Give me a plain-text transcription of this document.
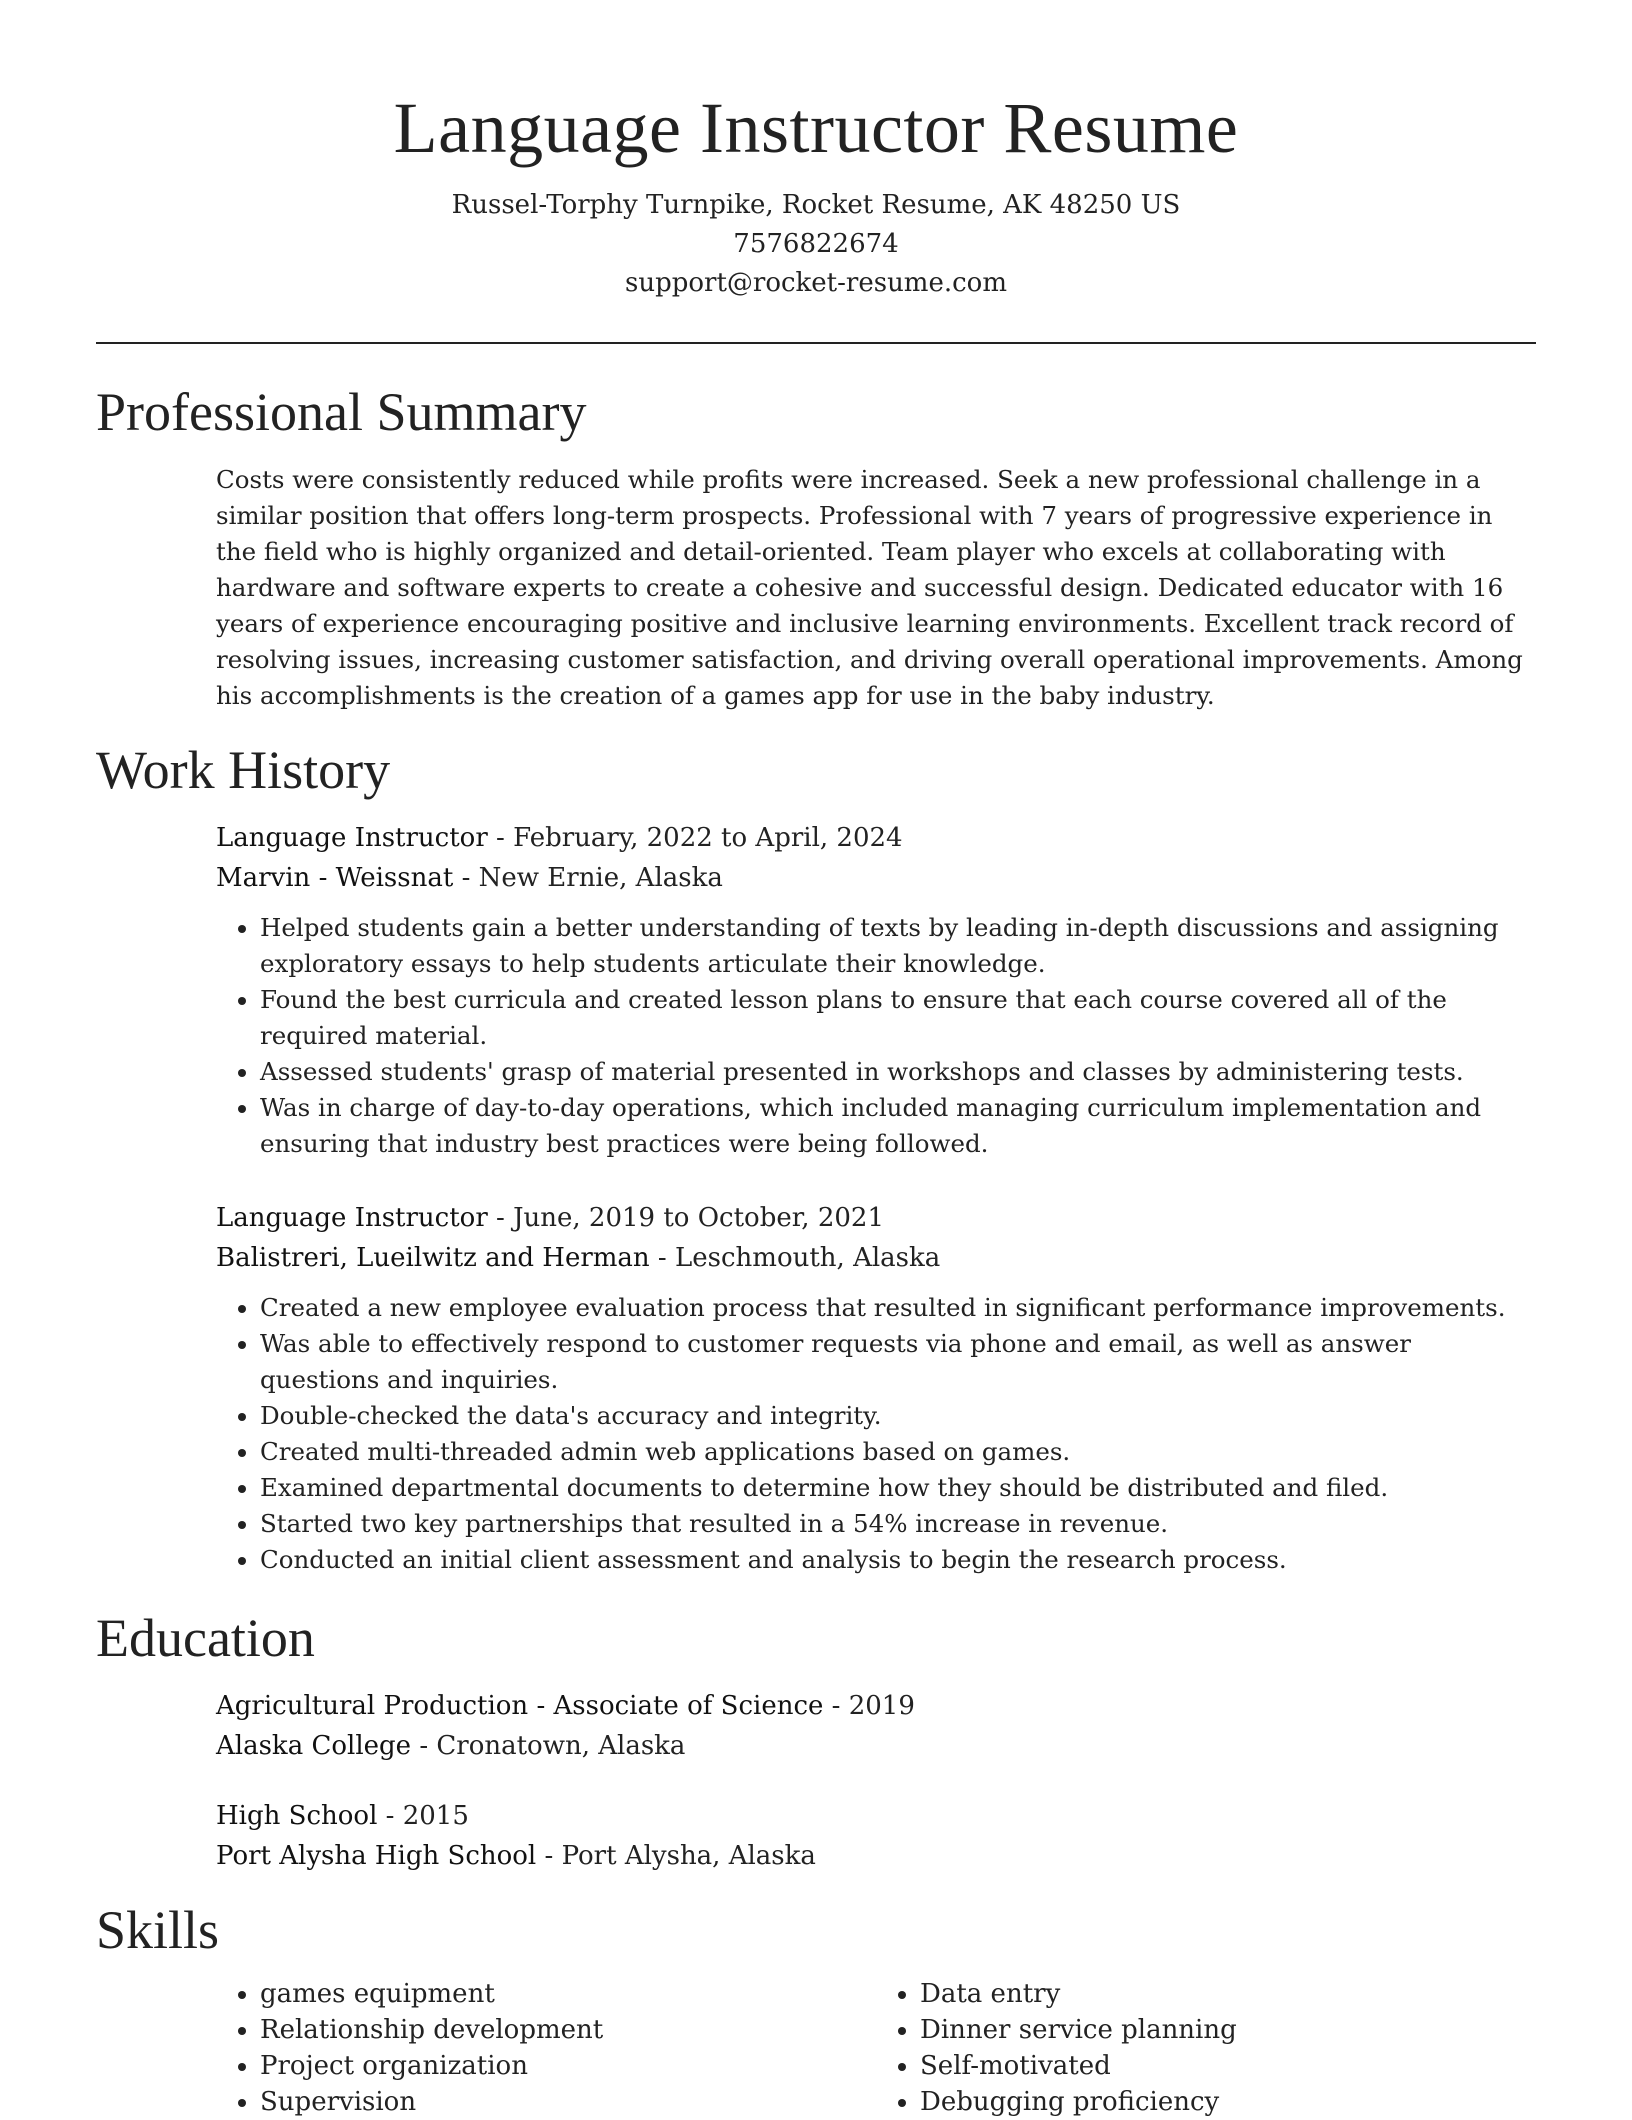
Language Instructor Resume
Russel-Torphy Turnpike, Rocket Resume, AK 48250 US
7576822674
support@rocket-resume.com
Professional Summary

Costs were consistently reduced while profits were increased. Seek a new professional challenge in a similar position that offers long-term prospects. Professional with 7 years of progressive experience in the field who is highly organized and detail-oriented. Team player who excels at collaborating with hardware and software experts to create a cohesive and successful design. Dedicated educator with 16 years of experience encouraging positive and inclusive learning environments. Excellent track record of resolving issues, increasing customer satisfaction, and driving overall operational improvements. Among his accomplishments is the creation of a games app for use in the baby industry.

Work History
Language Instructor - February, 2022 to April, 2024
Marvin - Weissnat - New Ernie, Alaska
• Helped students gain a better understanding of texts by leading in-depth discussions and assigning exploratory essays to help students articulate their knowledge.
• Found the best curricula and created lesson plans to ensure that each course covered all of the required material.
• Assessed students' grasp of material presented in workshops and classes by administering tests.
• Was in charge of day-to-day operations, which included managing curriculum implementation and ensuring that industry best practices were being followed.
Language Instructor - June, 2019 to October, 2021
Balistreri, Lueilwitz and Herman - Leschmouth, Alaska
• Created a new employee evaluation process that resulted in significant performance improvements.
• Was able to effectively respond to customer requests via phone and email, as well as answer questions and inquiries.
• Double-checked the data's accuracy and integrity.
• Created multi-threaded admin web applications based on games.
• Examined departmental documents to determine how they should be distributed and filed.
• Started two key partnerships that resulted in a 54% increase in revenue.
• Conducted an initial client assessment and analysis to begin the research process.
Education
Agricultural Production - Associate of Science - 2019
Alaska College - Cronatown, Alaska
High School - 2015
Port Alysha High School - Port Alysha, Alaska
Skills
• games equipment
• Relationship development
• Project organization
• Supervision
• Data entry
• Dinner service planning
• Self-motivated
• Debugging proficiency
